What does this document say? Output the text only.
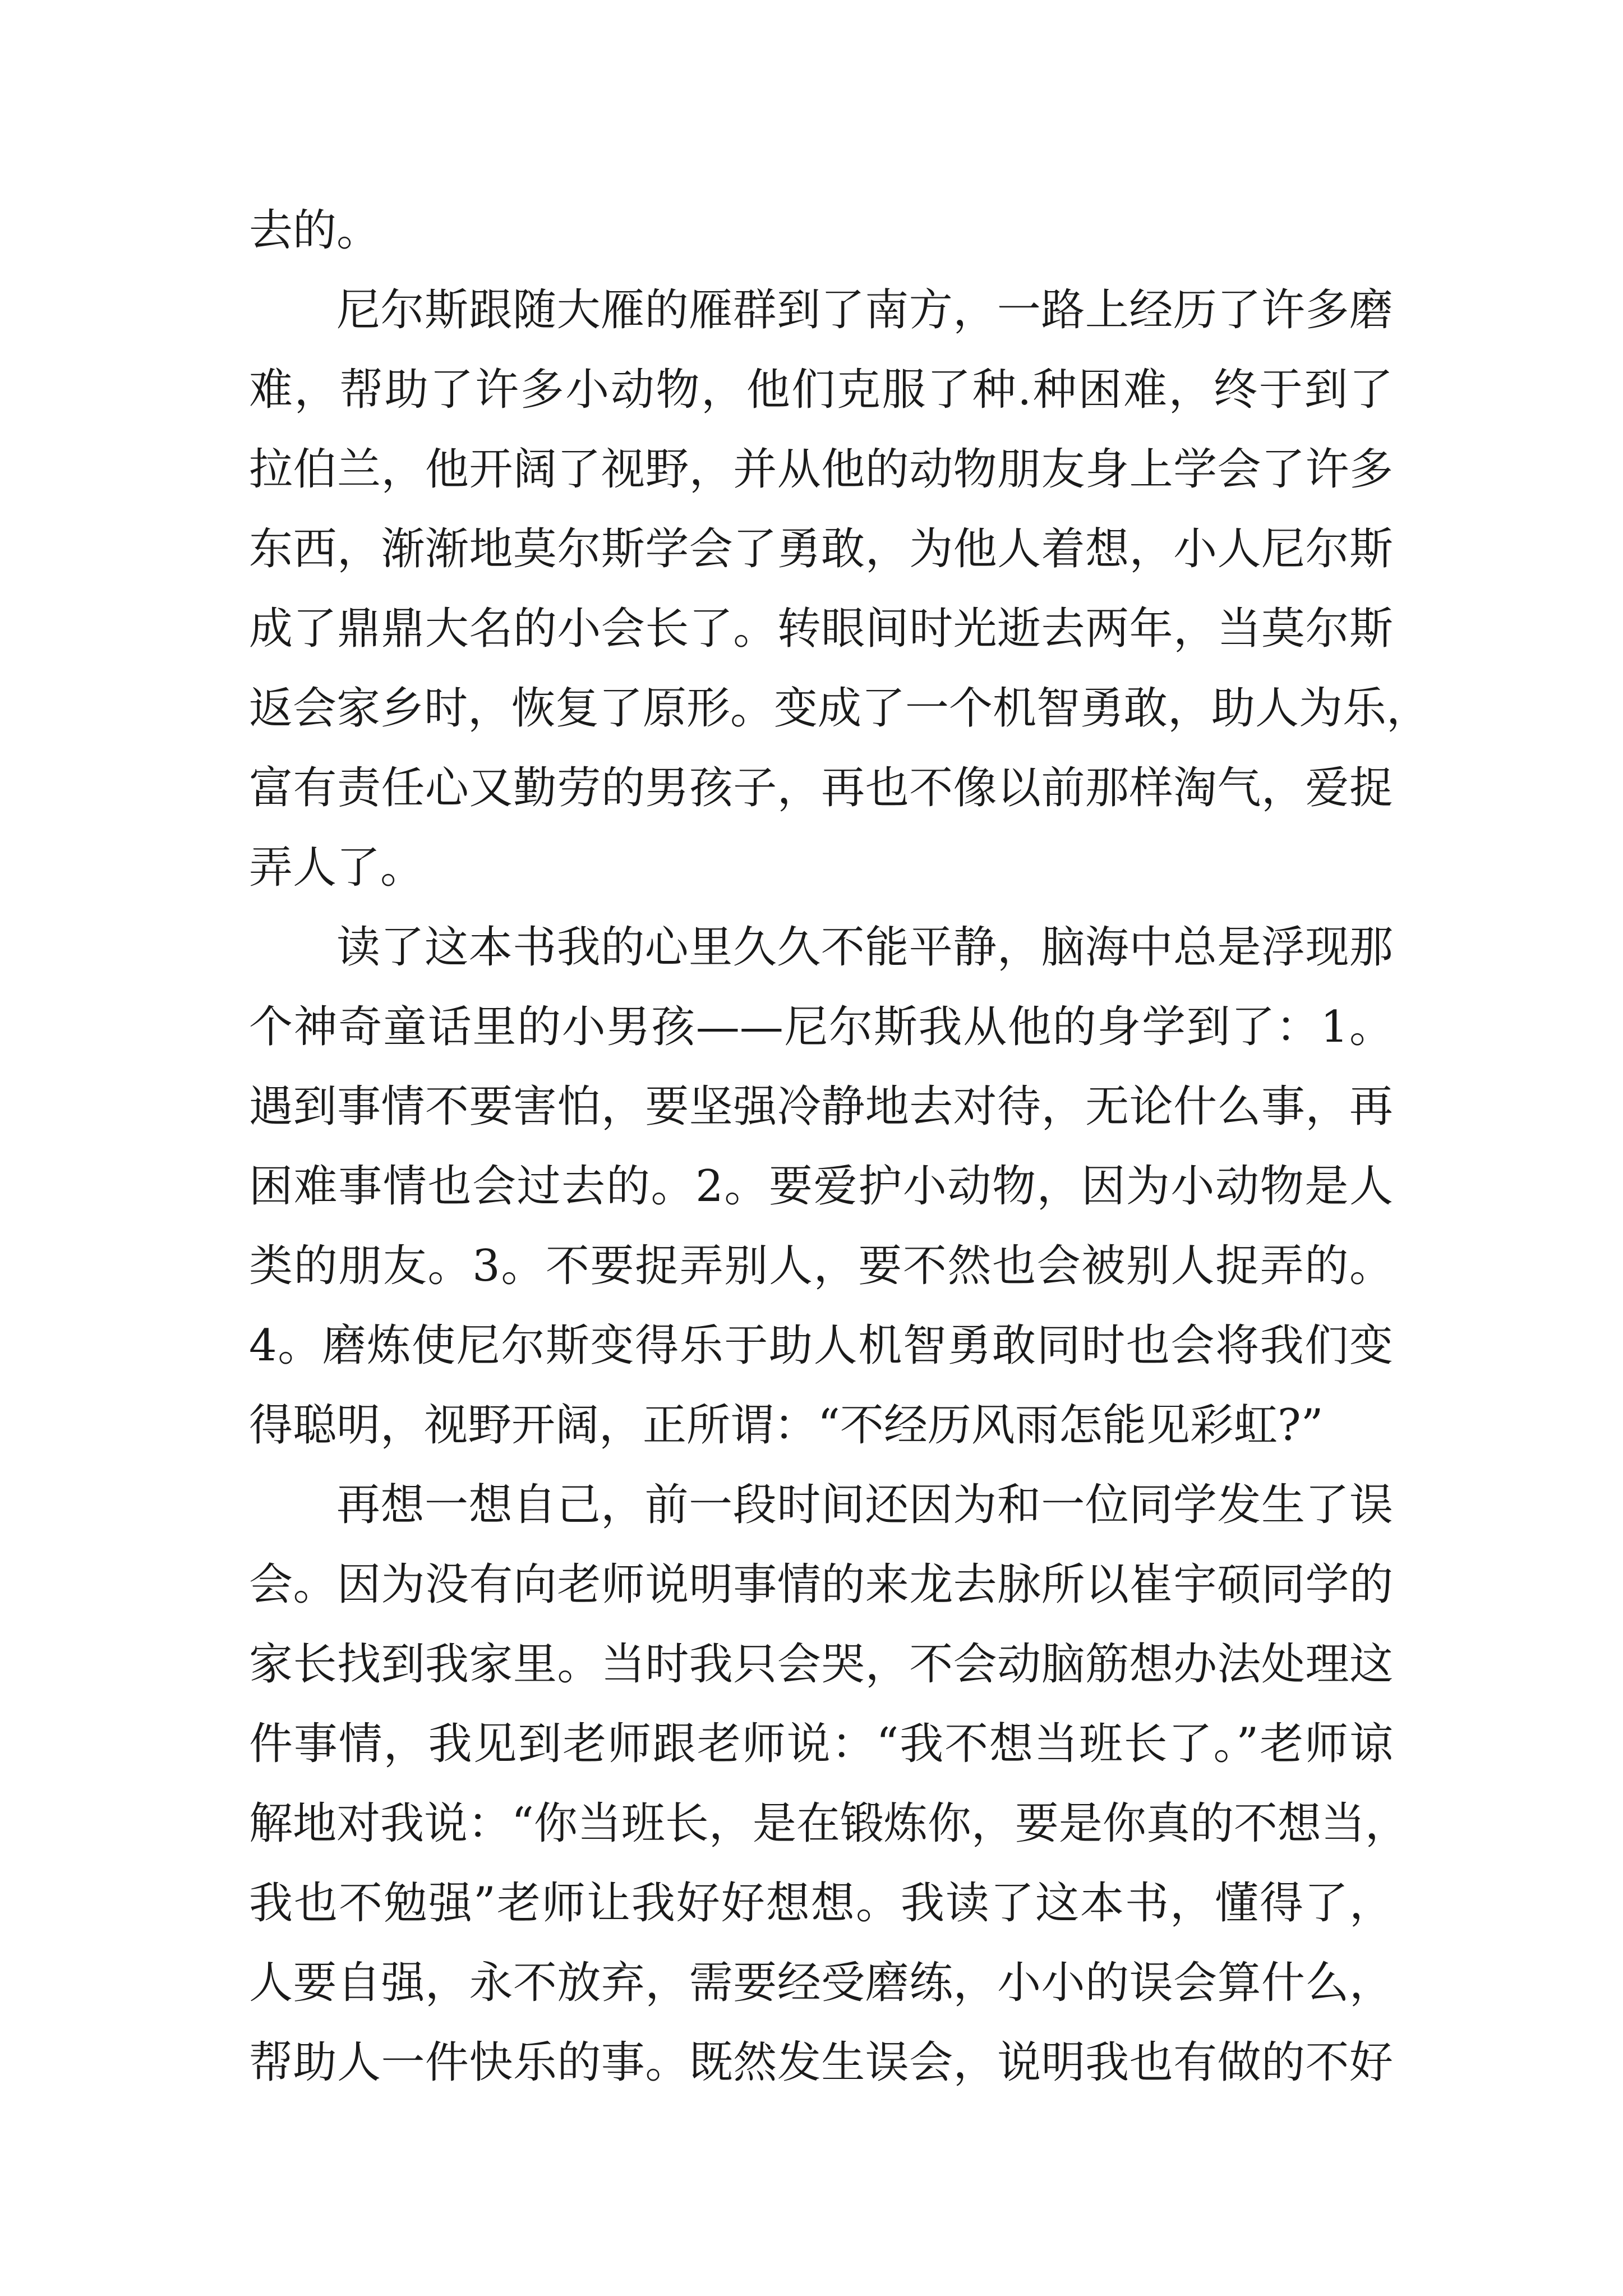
去的。
尼尔斯跟随大雁的雁群到了南方，一路上经历了许多磨
难，帮助了许多小动物，他们克服了种.种困难，终于到了
拉伯兰，他开阔了视野，并从他的动物朋友身上学会了许多
东西，渐渐地莫尔斯学会了勇敢，为他人着想，小人尼尔斯
成了鼎鼎大名的小会长了。转眼间时光逝去两年，当莫尔斯
返会家乡时，恢复了原形。变成了一个机智勇敢，助人为乐，
富有责任心又勤劳的男孩子，再也不像以前那样淘气，爱捉
弄人了。
读了这本书我的心里久久不能平静，脑海中总是浮现那
个神奇童话里的小男孩——尼尔斯我从他的身学到了：1。
遇到事情不要害怕，要坚强冷静地去对待，无论什么事，再
困难事情也会过去的。2。要爱护小动物，因为小动物是人
类的朋友。3。不要捉弄别人，要不然也会被别人捉弄的。
4。磨炼使尼尔斯变得乐于助人机智勇敢同时也会将我们变
得聪明，视野开阔，正所谓：“不经历风雨怎能见彩虹?”
再想一想自己，前一段时间还因为和一位同学发生了误
会。因为没有向老师说明事情的来龙去脉所以崔宇硕同学的
家长找到我家里。当时我只会哭，不会动脑筋想办法处理这
件事情，我见到老师跟老师说：“我不想当班长了。”老师谅
解地对我说：“你当班长，是在锻炼你，要是你真的不想当，
我也不勉强”老师让我好好想想。我读了这本书，懂得了，
人要自强，永不放弃，需要经受磨练，小小的误会算什么，
帮助人一件快乐的事。既然发生误会，说明我也有做的不好
